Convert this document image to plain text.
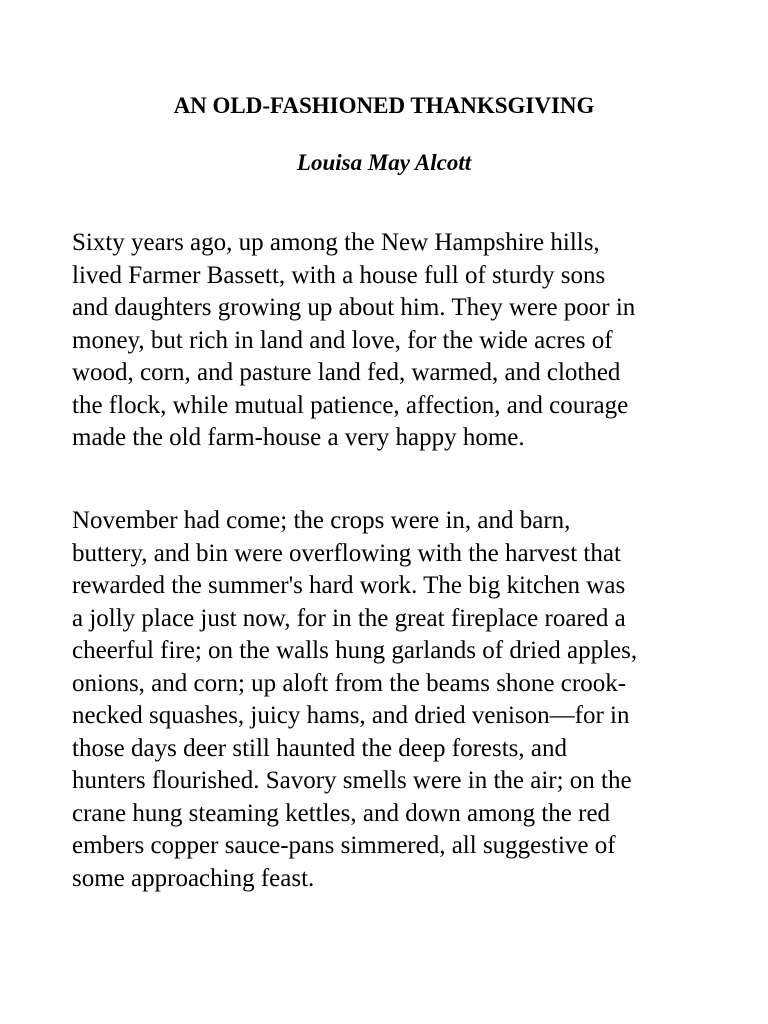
AN OLD-FASHIONED THANKSGIVING
Louisa May Alcott

Sixty years ago, up among the New Hampshire hills,
lived Farmer Bassett, with a house full of sturdy sons
and daughters growing up about him. They were poor in
money, but rich in land and love, for the wide acres of
wood, corn, and pasture land fed, warmed, and clothed
the flock, while mutual patience, affection, and courage
made the old farm-house a very happy home.

November had come; the crops were in, and barn,
buttery, and bin were overflowing with the harvest that
rewarded the summer's hard work. The big kitchen was
a jolly place just now, for in the great fireplace roared a
cheerful fire; on the walls hung garlands of dried apples,
onions, and corn; up aloft from the beams shone crook-
necked squashes, juicy hams, and dried venison—for in
those days deer still haunted the deep forests, and
hunters flourished. Savory smells were in the air; on the
crane hung steaming kettles, and down among the red
embers copper sauce-pans simmered, all suggestive of
some approaching feast.
